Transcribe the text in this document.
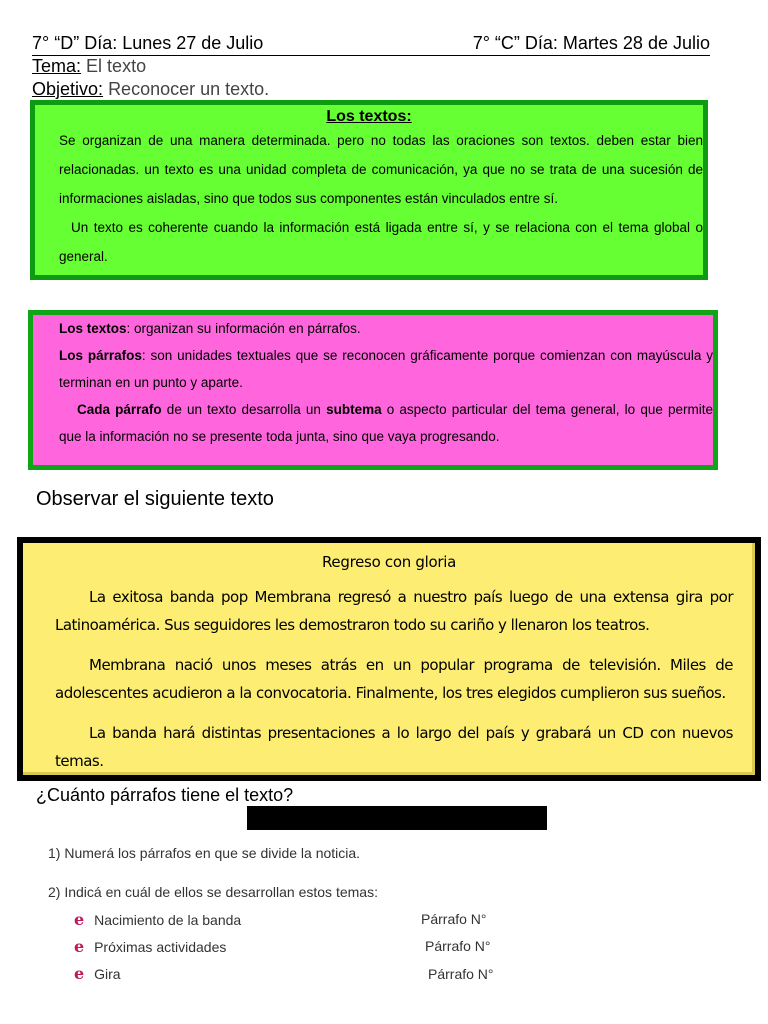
7° “D” Día: Lunes 27 de Julio	7° “C” Día: Martes 28 de Julio
Tema: El texto
Objetivo: Reconocer un texto.
Los textos:

Se organizan de una manera determinada. pero no todas las oraciones son textos. deben estar bien relacionadas. un texto es una unidad completa de comunicación, ya que no se trata de una sucesión de informaciones aisladas, sino que todos sus componentes están vinculados entre sí.

Un texto es coherente cuando la información está ligada entre sí, y se relaciona con el tema global o general.

Los textos: organizan su información en párrafos.

Los párrafos: son unidades textuales que se reconocen gráficamente porque comienzan con mayúscula y terminan en un punto y aparte.

Cada párrafo de un texto desarrolla un subtema o aspecto particular del tema general, lo que permite que la información no se presente toda junta, sino que vaya progresando.

Observar el siguiente texto
Regreso con gloria

La exitosa banda pop Membrana regresó a nuestro país luego de una extensa gira por Latinoamérica. Sus seguidores les demostraron todo su cariño y llenaron los teatros.

Membrana nació unos meses atrás en un popular programa de televisión. Miles de adolescentes acudieron a la convocatoria. Finalmente, los tres elegidos cumplieron sus sueños.

La banda hará distintas presentaciones a lo largo del país y grabará un CD con nuevos temas.

¿Cuánto párrafos tiene el texto?
1) Numerá los párrafos en que se divide la noticia.
2) Indicá en cuál de ellos se desarrollan estos temas:
e Nacimiento de la banda	Párrafo N°
e Próximas actividades	Párrafo N°
e Gira	Párrafo N°
